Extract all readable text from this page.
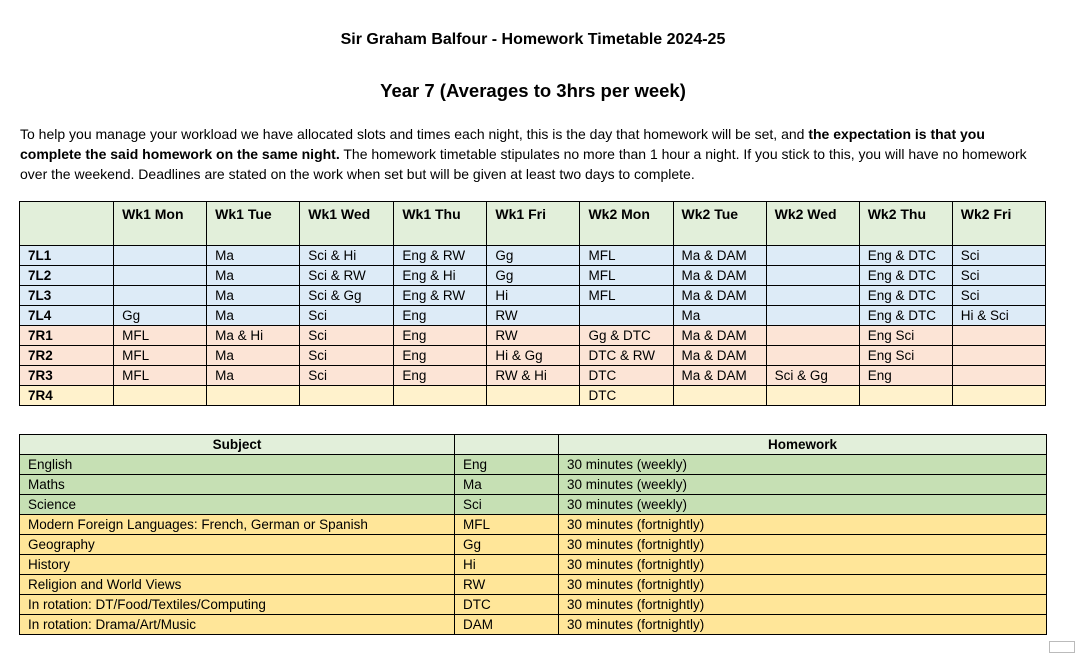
Sir Graham Balfour - Homework Timetable 2024-25
Year 7 (Averages to 3hrs per week)
To help you manage your workload we have allocated slots and times each night, this is the day that homework will be set, and the expectation is that you complete the said homework on the same night. The homework timetable stipulates no more than 1 hour a night. If you stick to this, you will have no homework over the weekend. Deadlines are stated on the work when set but will be given at least two days to complete.
	Wk1 Mon	Wk1 Tue	Wk1 Wed	Wk1 Thu	Wk1 Fri	Wk2 Mon	Wk2 Tue	Wk2 Wed	Wk2 Thu	Wk2 Fri
7L1		Ma	Sci & Hi	Eng & RW	Gg	MFL	Ma & DAM		Eng & DTC	Sci
7L2		Ma	Sci & RW	Eng & Hi	Gg	MFL	Ma & DAM		Eng & DTC	Sci
7L3		Ma	Sci & Gg	Eng & RW	Hi	MFL	Ma & DAM		Eng & DTC	Sci
7L4	Gg	Ma	Sci	Eng	RW		Ma		Eng & DTC	Hi & Sci
7R1	MFL	Ma & Hi	Sci	Eng	RW	Gg & DTC	Ma & DAM		Eng Sci	
7R2	MFL	Ma	Sci	Eng	Hi & Gg	DTC & RW	Ma & DAM		Eng Sci	
7R3	MFL	Ma	Sci	Eng	RW & Hi	DTC	Ma & DAM	Sci & Gg	Eng	
7R4						DTC				
Subject		Homework
English	Eng	30 minutes (weekly)
Maths	Ma	30 minutes (weekly)
Science	Sci	30 minutes (weekly)
Modern Foreign Languages: French, German or Spanish	MFL	30 minutes (fortnightly)
Geography	Gg	30 minutes (fortnightly)
History	Hi	30 minutes (fortnightly)
Religion and World Views	RW	30 minutes (fortnightly)
In rotation: DT/Food/Textiles/Computing	DTC	30 minutes (fortnightly)
In rotation: Drama/Art/Music	DAM	30 minutes (fortnightly)
